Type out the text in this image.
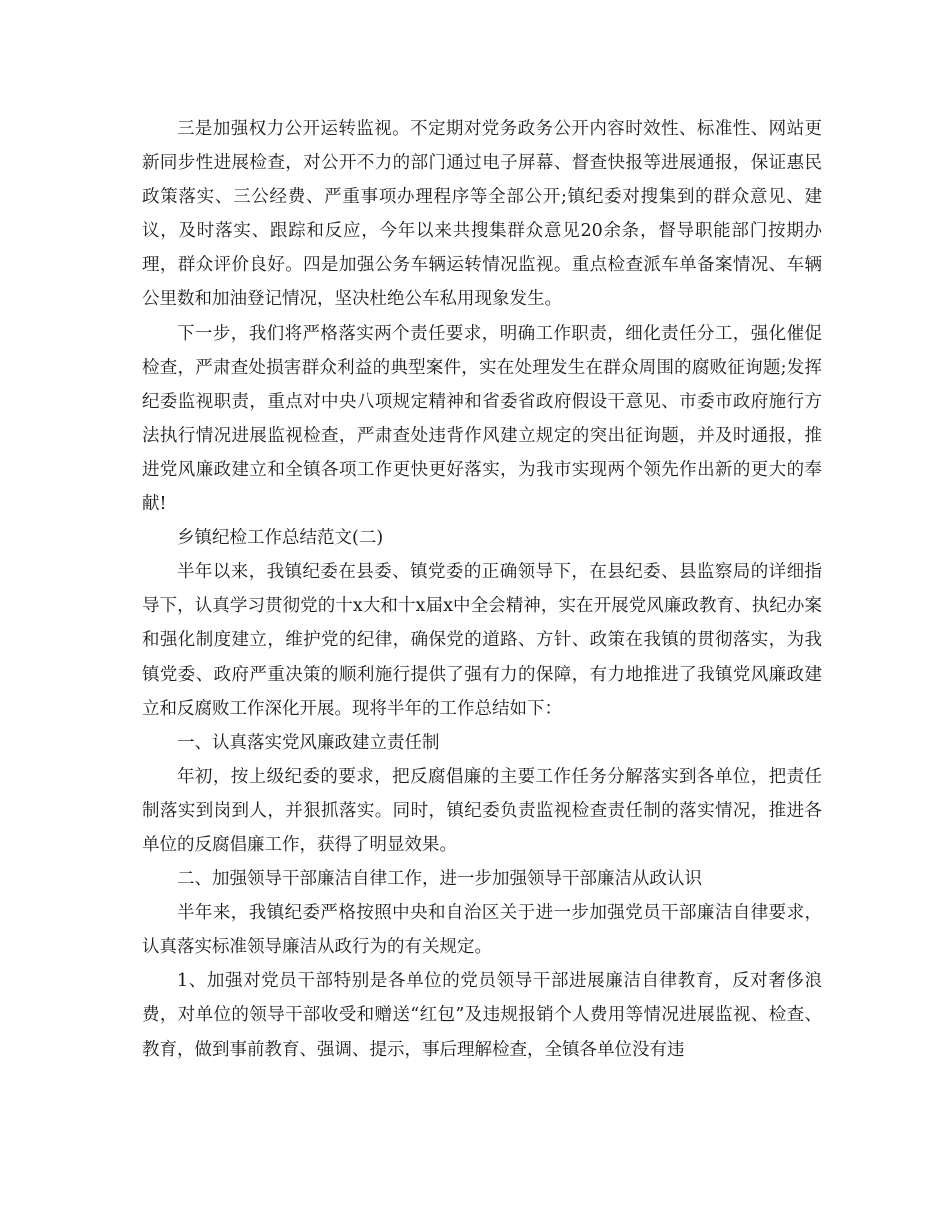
三是加强权力公开运转监视。不定期对党务政务公开内容时效性、标准性、网站更新同步性进展检查，对公开不力的部门通过电子屏幕、督查快报等进展通报，保证惠民政策落实、三公经费、严重事项办理程序等全部公开;镇纪委对搜集到的群众意见、建议，及时落实、跟踪和反应，今年以来共搜集群众意见20余条，督导职能部门按期办理，群众评价良好。四是加强公务车辆运转情况监视。重点检查派车单备案情况、车辆公里数和加油登记情况，坚决杜绝公车私用现象发生。

下一步，我们将严格落实两个责任要求，明确工作职责，细化责任分工，强化催促检查，严肃查处损害群众利益的典型案件，实在处理发生在群众周围的腐败征询题;发挥纪委监视职责，重点对中央八项规定精神和省委省政府假设干意见、市委市政府施行方法执行情况进展监视检查，严肃查处违背作风建立规定的突出征询题，并及时通报，推进党风廉政建立和全镇各项工作更快更好落实，为我市实现两个领先作出新的更大的奉献!

乡镇纪检工作总结范文(二)

半年以来，我镇纪委在县委、镇党委的正确领导下，在县纪委、县监察局的详细指导下，认真学习贯彻党的十x大和十x届x中全会精神，实在开展党风廉政教育、执纪办案和强化制度建立，维护党的纪律，确保党的道路、方针、政策在我镇的贯彻落实，为我镇党委、政府严重决策的顺利施行提供了强有力的保障，有力地推进了我镇党风廉政建立和反腐败工作深化开展。现将半年的工作总结如下：

一、认真落实党风廉政建立责任制

年初，按上级纪委的要求，把反腐倡廉的主要工作任务分解落实到各单位，把责任制落实到岗到人，并狠抓落实。同时，镇纪委负责监视检查责任制的落实情况，推进各单位的反腐倡廉工作，获得了明显效果。

二、加强领导干部廉洁自律工作，进一步加强领导干部廉洁从政认识

半年来，我镇纪委严格按照中央和自治区关于进一步加强党员干部廉洁自律要求，认真落实标准领导廉洁从政行为的有关规定。

1、加强对党员干部特别是各单位的党员领导干部进展廉洁自律教育，反对奢侈浪费，对单位的领导干部收受和赠送“红包”及违规报销个人费用等情况进展监视、检查、教育，做到事前教育、强调、提示，事后理解检查，全镇各单位没有违
